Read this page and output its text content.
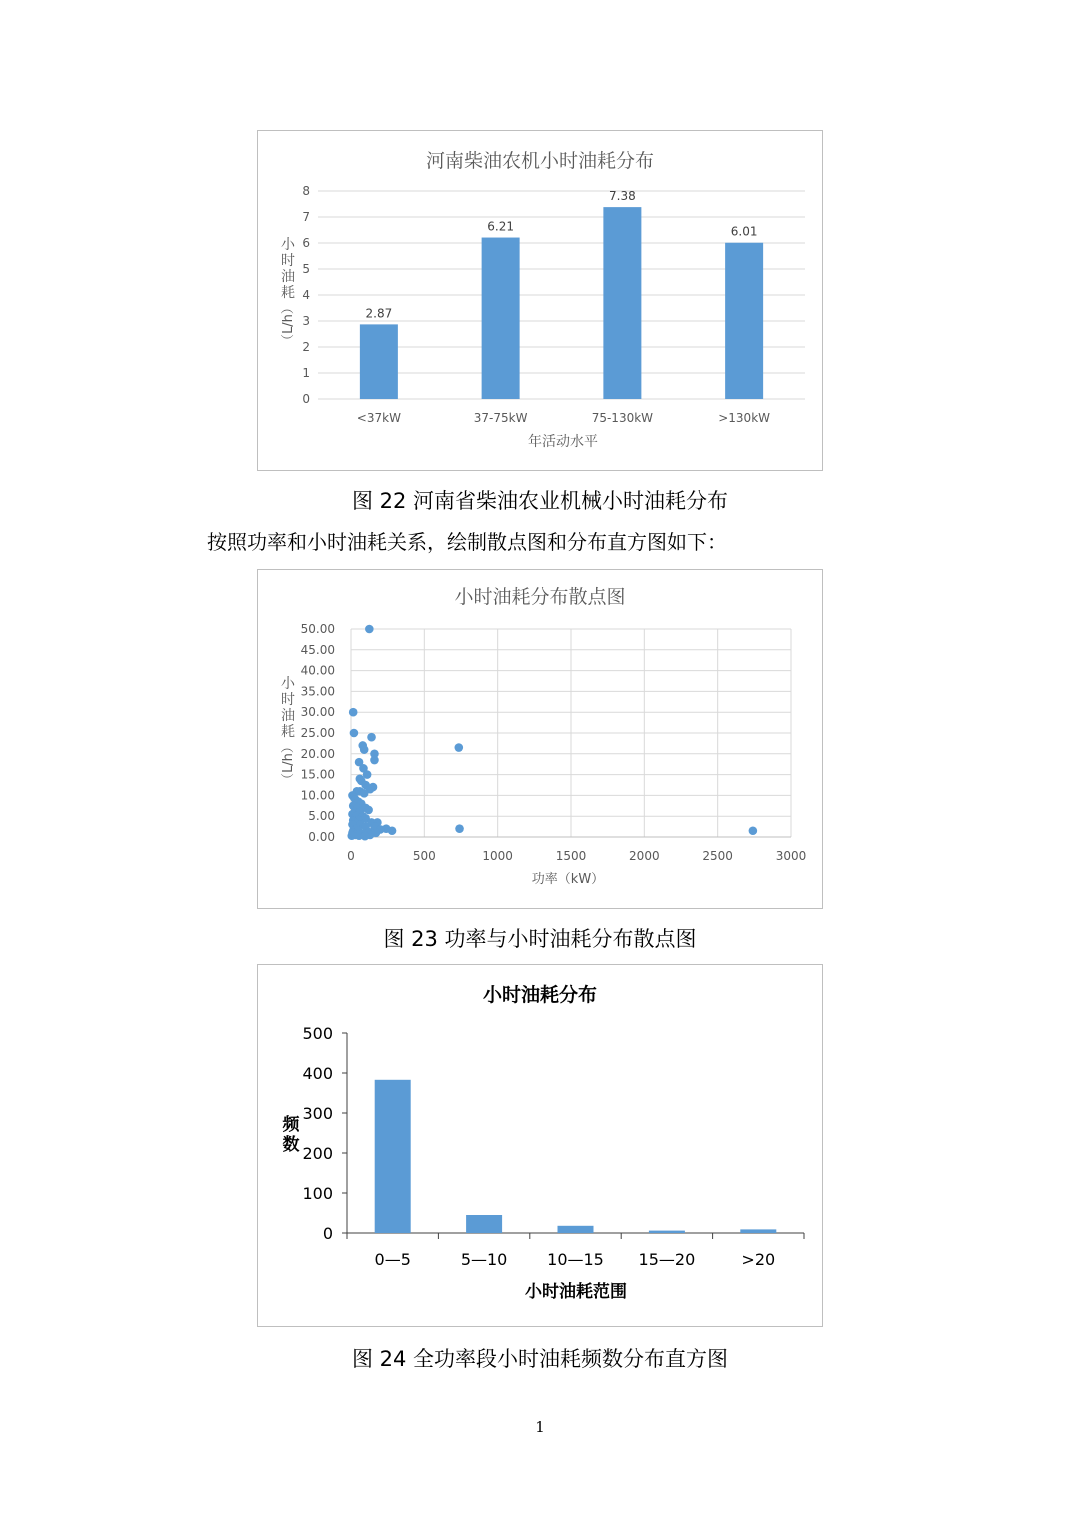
河南柴油农机小时油耗分布
0
1
2
3
4
5
6
7
8
2.87
<37kW
6.21
37-75kW
7.38
75-130kW
6.01
>130kW
年活动水平
小时油耗
（L/h）
图 22 河南省柴油农业机械小时油耗分布
按照功率和小时油耗关系，绘制散点图和分布直方图如下：
小时油耗分布散点图
0.00
5.00
10.00
15.00
20.00
25.00
30.00
35.00
40.00
45.00
50.00
0	500	1000	1500	2000	2500	3000
功率（kW）
小时油耗
（L/h）
图 23 功率与小时油耗分布散点图
小时油耗分布
0
100
200
300
400
500
0—5	5—10 10—15 15—20	>20
小时油耗范围
频数
图 24 全功率段小时油耗频数分布直方图
1
